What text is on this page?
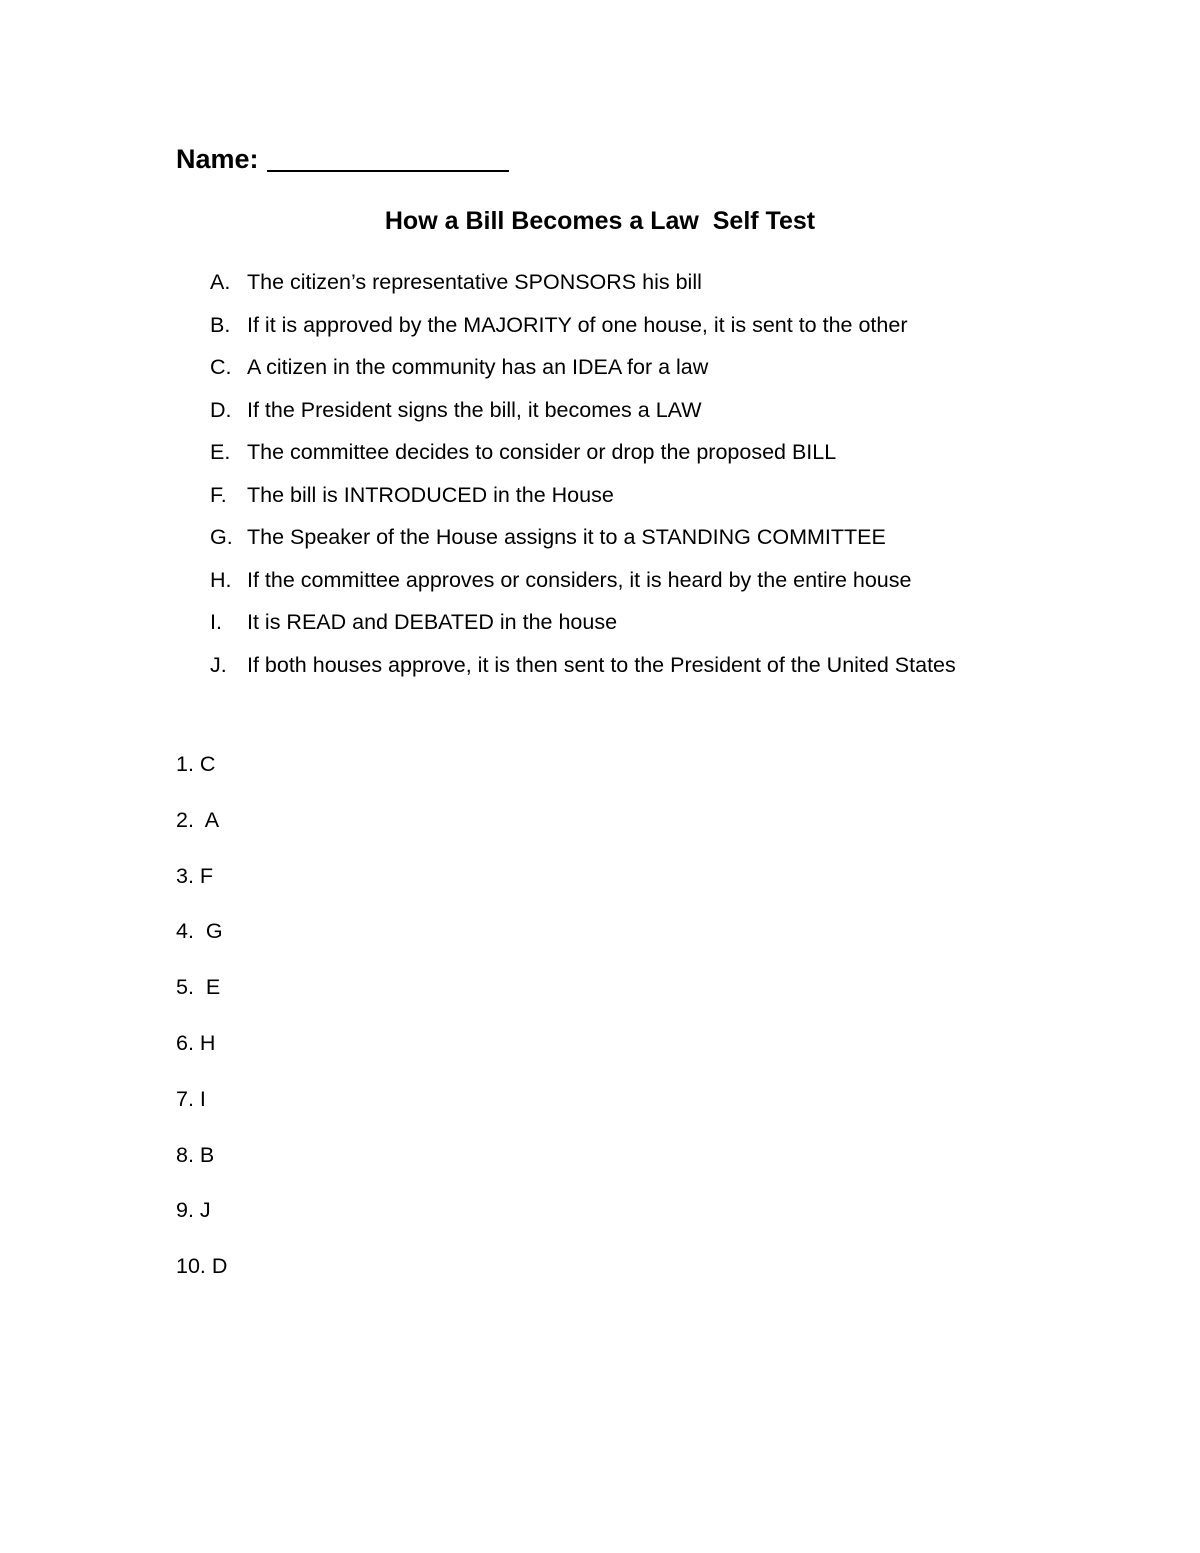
Name:
How a Bill Becomes a Law  Self Test
A. The citizen’s representative SPONSORS his bill
B. If it is approved by the MAJORITY of one house, it is sent to the other
C. A citizen in the community has an IDEA for a law
D. If the President signs the bill, it becomes a LAW
E. The committee decides to consider or drop the proposed BILL
F. The bill is INTRODUCED in the House
G. The Speaker of the House assigns it to a STANDING COMMITTEE
H. If the committee approves or considers, it is heard by the entire house
I. It is READ and DEBATED in the house
J. If both houses approve, it is then sent to the President of the United States
1. C
2.  A
3. F
4.  G
5.  E
6. H
7. I
8. B
9. J
10. D
